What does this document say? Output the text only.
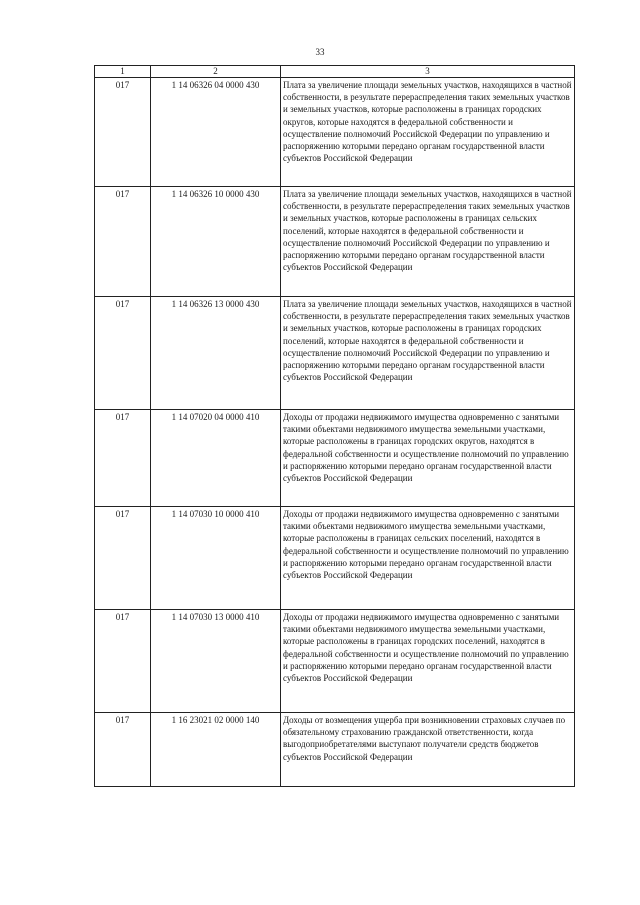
33
1	2	3
017	1 14 06326 04 0000 430	Плата за увеличение площади земельных участков, находящихся в частной собственности, в результате перераспределения таких земельных участков и земельных участков, которые расположены в границах городских округов, которые находятся в федеральной собственности и осуществление полномочий Российской Федерации по управлению и распоряжению которыми передано органам государственной власти субъектов Российской Федерации
017	1 14 06326 10 0000 430	Плата за увеличение площади земельных участков, находящихся в частной собственности, в результате перераспределения таких земельных участков и земельных участков, которые расположены в границах сельских поселений, которые находятся в федеральной собственности и осуществление полномочий Российской Федерации по управлению и распоряжению которыми передано органам государственной власти субъектов Российской Федерации
017	1 14 06326 13 0000 430	Плата за увеличение площади земельных участков, находящихся в частной собственности, в результате перераспределения таких земельных участков и земельных участков, которые расположены в границах городских поселений, которые находятся в федеральной собственности и осуществление полномочий Российской Федерации по управлению и распоряжению которыми передано органам государственной власти субъектов Российской Федерации
017	1 14 07020 04 0000 410	Доходы от продажи недвижимого имущества одновременно с занятыми такими объектами недвижимого имущества земельными участками, которые расположены в границах городских округов, находятся в федеральной собственности и осуществление полномочий по управлению и распоряжению которыми передано органам государственной власти субъектов Российской Федерации
017	1 14 07030 10 0000 410	Доходы от продажи недвижимого имущества одновременно с занятыми такими объектами недвижимого имущества земельными участками, которые расположены в границах сельских поселений, находятся в федеральной собственности и осуществление полномочий по управлению и распоряжению которыми передано органам государственной власти субъектов Российской Федерации
017	1 14 07030 13 0000 410	Доходы от продажи недвижимого имущества одновременно с занятыми такими объектами недвижимого имущества земельными участками, которые расположены в границах городских поселений, находятся в федеральной собственности и осуществление полномочий по управлению и распоряжению которыми передано органам государственной власти субъектов Российской Федерации
017	1 16 23021 02 0000 140	Доходы от возмещения ущерба при возникновении страховых случаев по обязательному страхованию гражданской ответственности, когда выгодоприобретателями выступают получатели средств бюджетов субъектов Российской Федерации
